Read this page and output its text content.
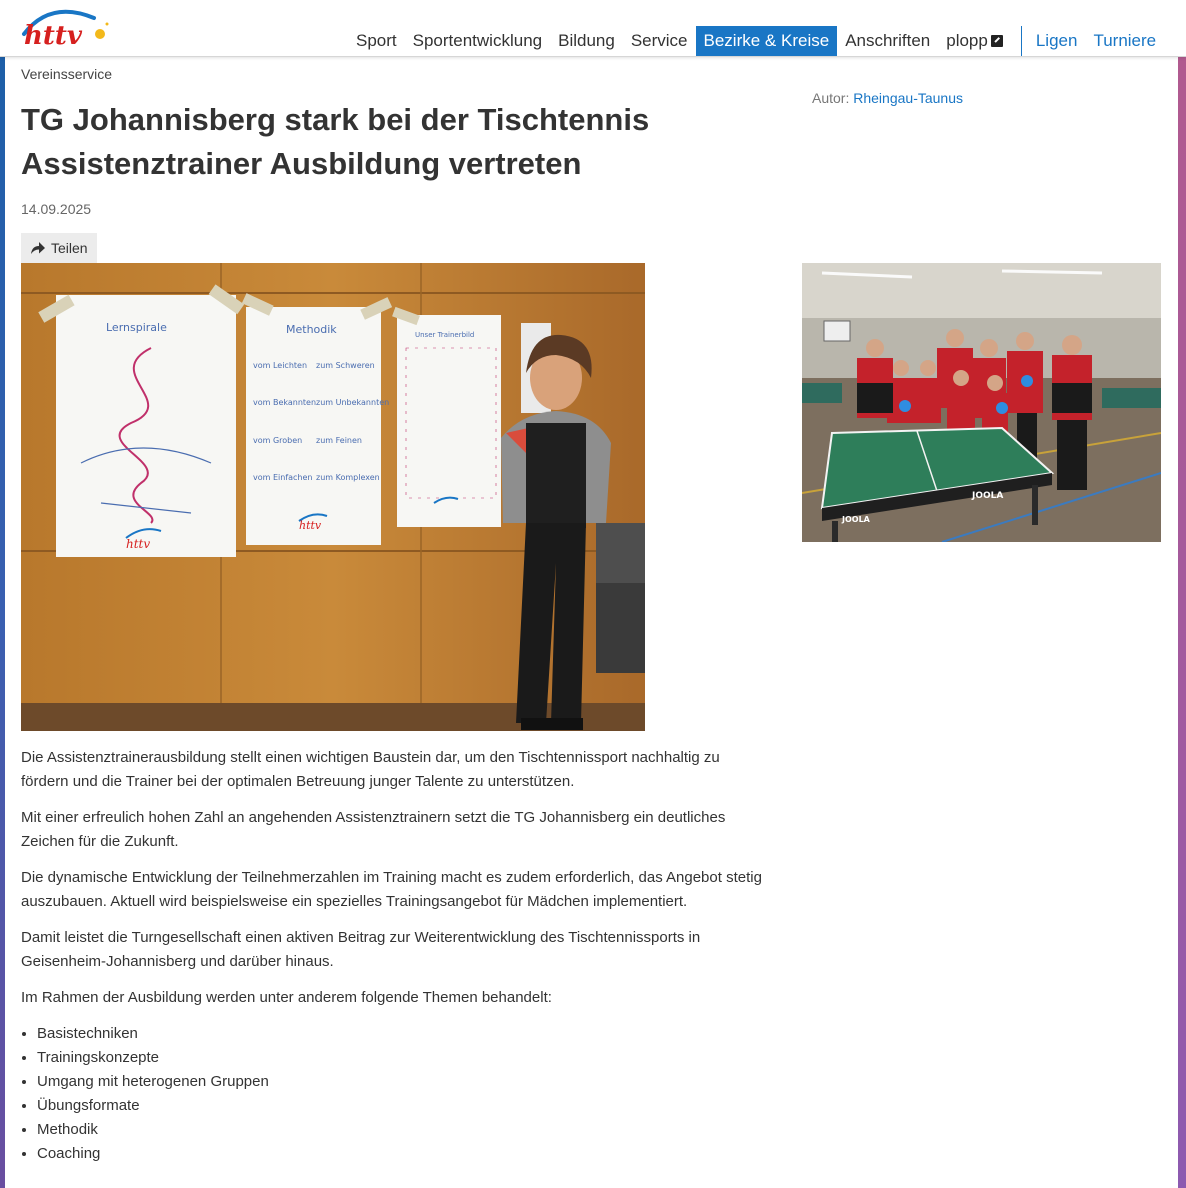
httv	Sport Sportentwicklung Bildung Service Bezirke & Kreise Anschriften plopp	Ligen Turniere
Vereinsservice
TG Johannisberg stark bei der Tischtennis Assistenztrainer Ausbildung vertreten
14.09.2025
Teilen
Autor: Rheingau-Taunus
Lernspirale
httv
Methodik
vom Leichten zum Schweren
vom Bekannten zum Unbekannten
vom Groben zum Feinen
vom Einfachen zum Komplexen
httv
Unser Trainerbild
JOOLA
JOOLA

Die Assistenztrainerausbildung stellt einen wichtigen Baustein dar, um den Tischtennissport nachhaltig zu fördern und die Trainer bei der optimalen Betreuung junger Talente zu unterstützen.

Mit einer erfreulich hohen Zahl an angehenden Assistenztrainern setzt die TG Johannisberg ein deutliches Zeichen für die Zukunft.

Die dynamische Entwicklung der Teilnehmerzahlen im Training macht es zudem erforderlich, das Angebot stetig auszubauen. Aktuell wird beispielsweise ein spezielles Trainingsangebot für Mädchen implementiert.

Damit leistet die Turngesellschaft einen aktiven Beitrag zur Weiterentwicklung des Tischtennissports in Geisenheim-Johannisberg und darüber hinaus.

Im Rahmen der Ausbildung werden unter anderem folgende Themen behandelt:

• Basistechniken
• Trainingskonzepte
• Umgang mit heterogenen Gruppen
• Übungsformate
• Methodik
• Coaching
